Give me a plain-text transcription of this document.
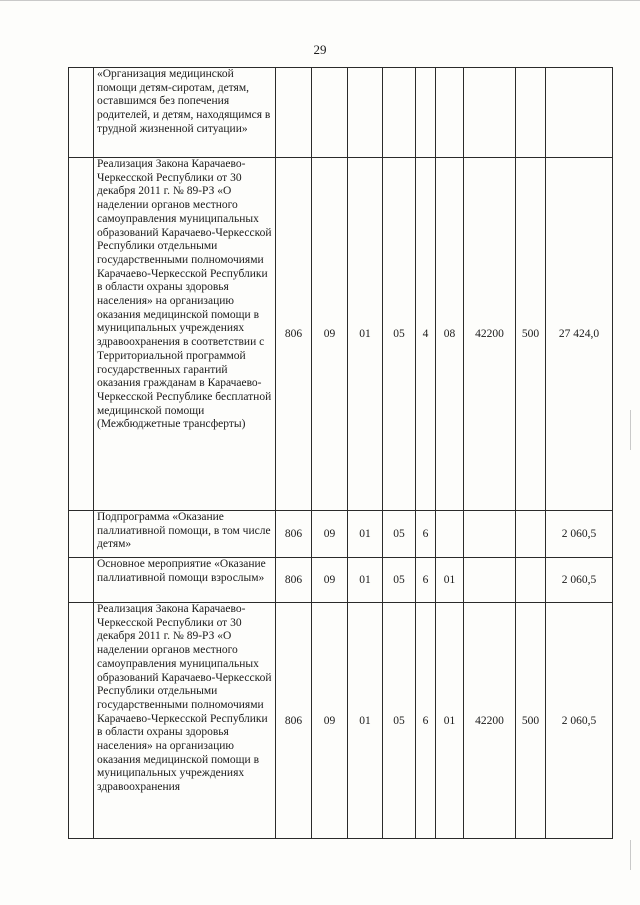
29
	«Организация медицинской помощи детям-сиротам, детям, оставшимся без попечения родителей, и детям, находящимся в трудной жизненной ситуации»									
	Реализация Закона Карачаево-Черкесской Республики от 30 декабря 2011 г. № 89-РЗ «О наделении органов местного самоуправления муниципальных образований Карачаево-Черкесской Республики отдельными государственными полномочиями Карачаево-Черкесской Республики в области охраны здоровья населения» на организацию оказания медицинской помощи в муниципальных учреждениях здравоохранения в соответствии с Территориальной программой государственных гарантий оказания гражданам в Карачаево-Черкесской Республике бесплатной медицинской помощи (Межбюджетные трансферты)	806	09	01	05	4	08	42200	500	27 424,0
	Подпрограмма «Оказание паллиативной помощи, в том числе детям»	806	09	01	05	6				2 060,5
	Основное мероприятие «Оказание паллиативной помощи взрослым»	806	09	01	05	6	01			2 060,5
	Реализация Закона Карачаево-Черкесской Республики от 30 декабря 2011 г. № 89-РЗ «О наделении органов местного самоуправления муниципальных образований Карачаево-Черкесской Республики отдельными государственными полномочиями Карачаево-Черкесской Республики в области охраны здоровья населения» на организацию оказания медицинской помощи в муниципальных учреждениях здравоохранения	806	09	01	05	6	01	42200	500	2 060,5
